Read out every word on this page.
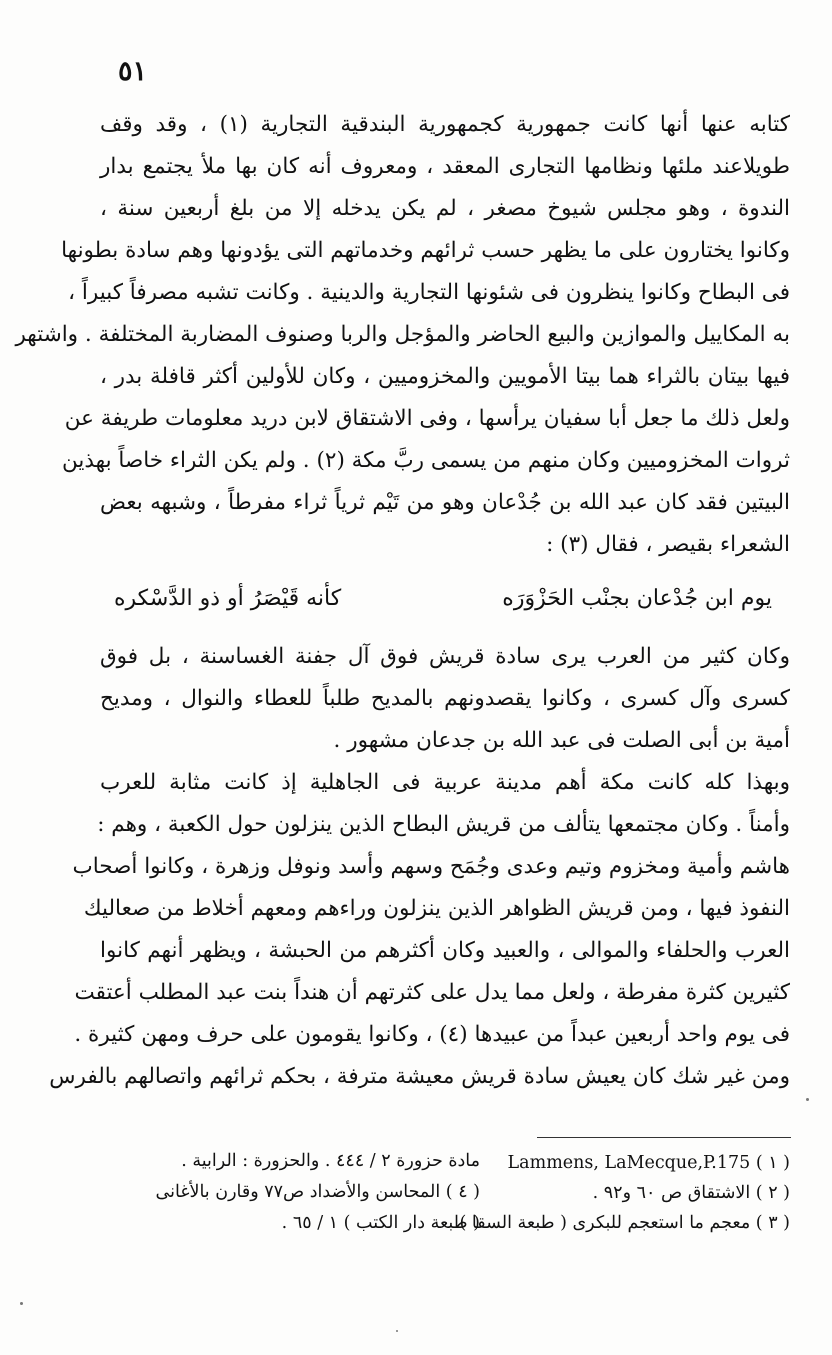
٥١
كتابه عنها أنها كانت جمهورية كجمهورية البندقية التجارية (١) ، وقد وقف
طويلاعند ملئها ونظامها التجارى المعقد ، ومعروف أنه كان بها ملأ يجتمع بدار
الندوة ، وهو مجلس شيوخ مصغر ، لم يكن يدخله إلا من بلغ أربعين سنة ،
وكانوا يختارون على ما يظهر حسب ثرائهم وخدماتهم التى يؤدونها وهم سادة بطونها
فى البطاح وكانوا ينظرون فى شئونها التجارية والدينية . وكانت تشبه مصرفاً كبيراً ،
به المكاييل والموازين والبيع الحاضر والمؤجل والربا وصنوف المضاربة المختلفة . واشتهر
فيها بيتان بالثراء هما بيتا الأمويين والمخزوميين ، وكان للأولين أكثر قافلة بدر ،
ولعل ذلك ما جعل أبا سفيان يرأسها ، وفى الاشتقاق لابن دريد معلومات طريفة عن
ثروات المخزوميين وكان منهم من يسمى ربَّ مكة (٢) . ولم يكن الثراء خاصاً بهذين
البيتين فقد كان عبد الله بن جُدْعان وهو من تَيْم ثرياً ثراء مفرطاً ، وشبهه بعض
الشعراء بقيصر ، فقال (٣) :
يوم ابن جُدْعان بجنْب الحَزْوَرَه
كأنه قَيْصَرُ أو ذو الدَّسْكره
وكان كثير من العرب يرى سادة قريش فوق آل جفنة الغساسنة ، بل فوق
كسرى وآل كسرى ، وكانوا يقصدونهم بالمديح طلباً للعطاء والنوال ، ومديح
أمية بن أبى الصلت فى عبد الله بن جدعان مشهور .
وبهذا كله كانت مكة أهم مدينة عربية فى الجاهلية إذ كانت مثابة للعرب
وأمناً . وكان مجتمعها يتألف من قريش البطاح الذين ينزلون حول الكعبة ، وهم :
هاشم وأمية ومخزوم وتيم وعدى وجُمَح وسهم وأسد ونوفل وزهرة ، وكانوا أصحاب
النفوذ فيها ، ومن قريش الظواهر الذين ينزلون وراءهم ومعهم أخلاط من صعاليك
العرب والحلفاء والموالى ، والعبيد وكان أكثرهم من الحبشة ، ويظهر أنهم كانوا
كثيرين كثرة مفرطة ، ولعل مما يدل على كثرتهم أن هنداً بنت عبد المطلب أعتقت
فى يوم واحد أربعين عبداً من عبيدها (٤) ، وكانوا يقومون على حرف ومهن كثيرة .
ومن غير شك كان يعيش سادة قريش معيشة مترفة ، بحكم ثرائهم واتصالهم بالفرس
( ١ ) Lammens, LaMecque,P.175
( ٢ ) الاشتقاق ص ٦٠ و٩٢ .
( ٣ ) معجم ما استعجم للبكرى ( طبعة السقا )
مادة حزورة ٢ / ٤٤٤ . والحزورة : الرابية .
( ٤ ) المحاسن والأضداد ص٧٧ وقارن بالأغانى
( طبعة دار الكتب ) ١ / ٦٥ .
